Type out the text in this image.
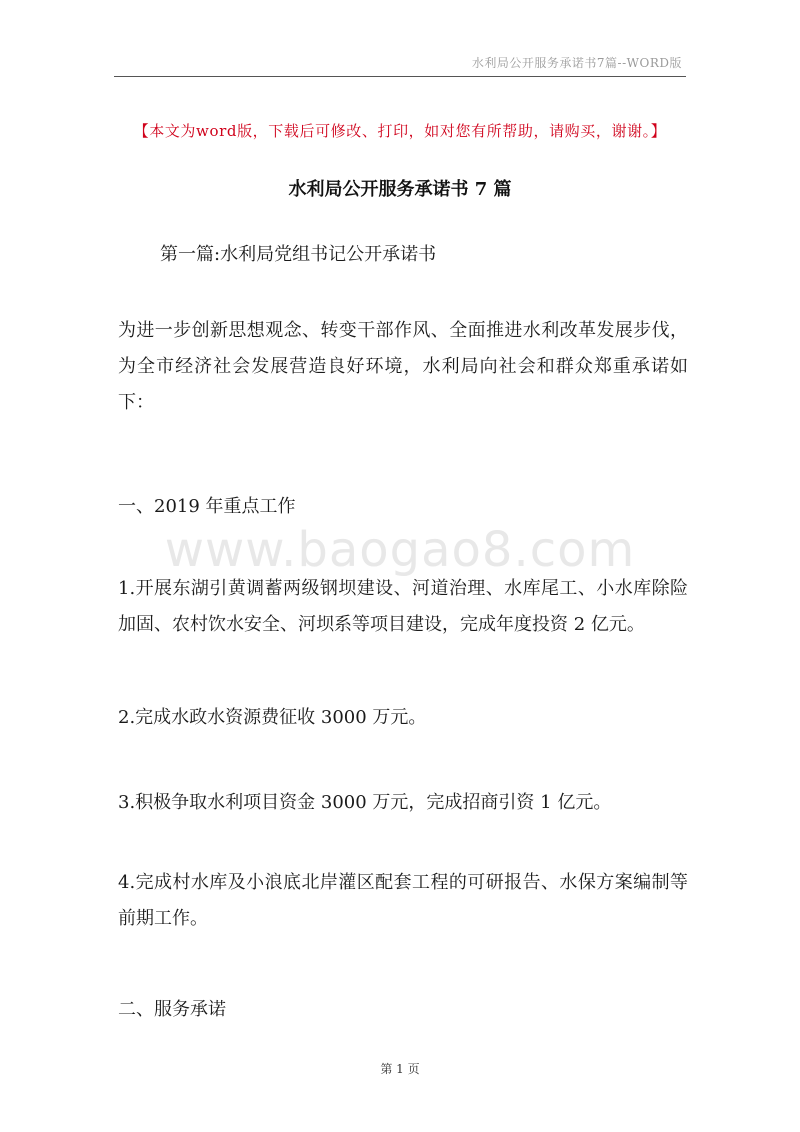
水利局公开服务承诺书7篇--WORD版
【本文为word版，下载后可修改、打印，如对您有所帮助，请购买，谢谢。】
水利局公开服务承诺书 7 篇
第一篇:水利局党组书记公开承诺书
为进一步创新思想观念、转变干部作风、全面推进水利改革发展步伐，为全市经济社会发展营造良好环境，水利局向社会和群众郑重承诺如下：
一、2019 年重点工作
www.baogao8.com
1.开展东湖引黄调蓄两级钢坝建设、河道治理、水库尾工、小水库除险加固、农村饮水安全、河坝系等项目建设，完成年度投资 2 亿元。
2.完成水政水资源费征收 3000 万元。
3.积极争取水利项目资金 3000 万元，完成招商引资 1 亿元。
4.完成村水库及小浪底北岸灌区配套工程的可研报告、水保方案编制等前期工作。
二、服务承诺
第 1 页
